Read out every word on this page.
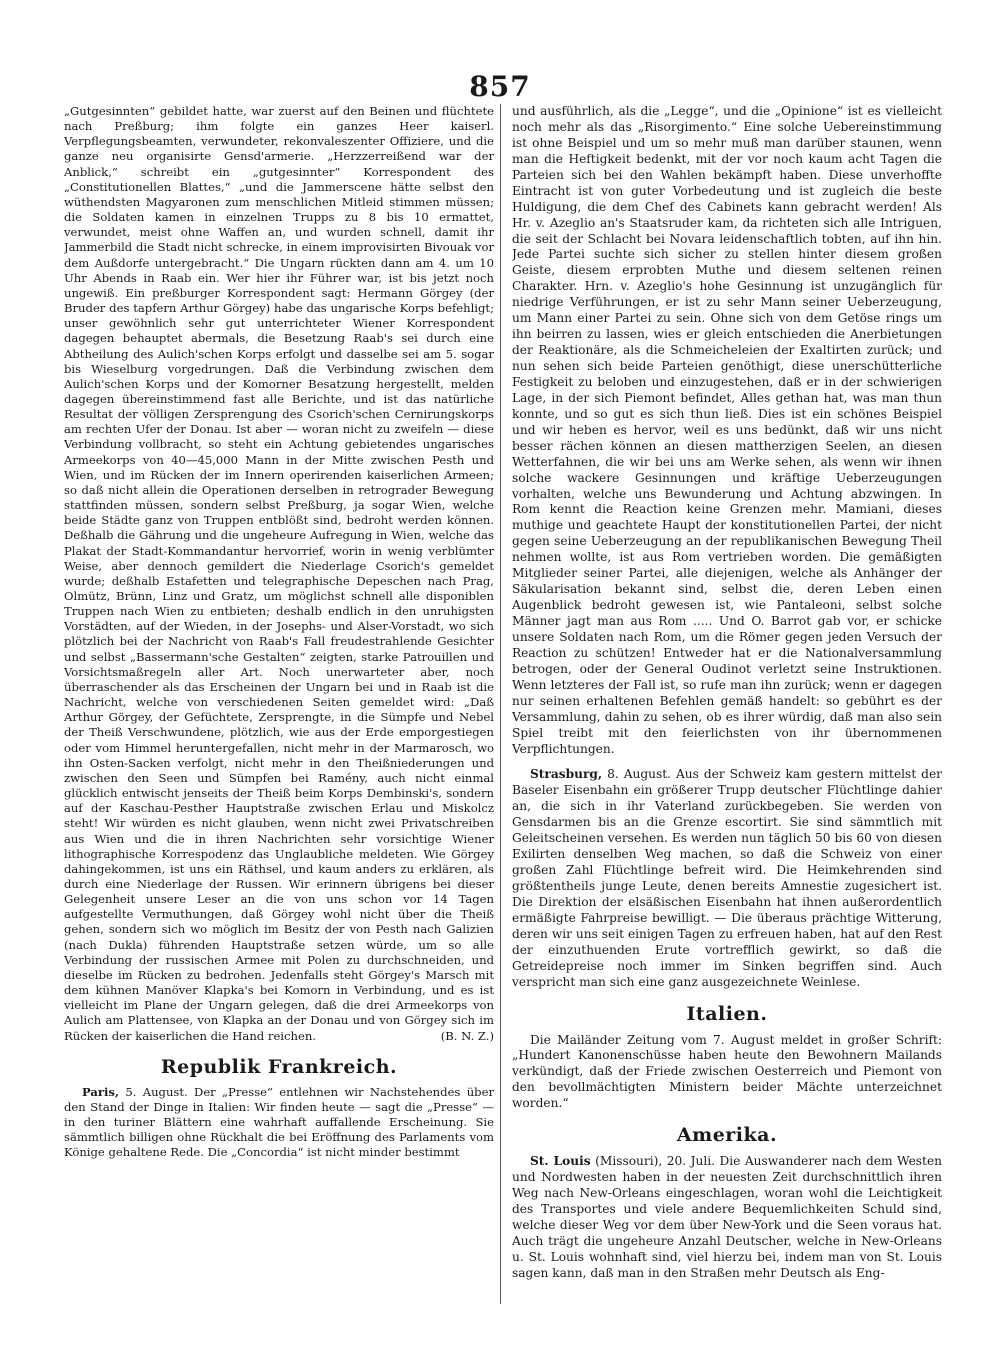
857

„Gutgesinnten“ gebildet hatte, war zuerst auf den Beinen und flüchtete nach Preßburg; ihm folgte ein ganzes Heer kaiserl. Verpflegungsbeamten, verwundeter, rekonvaleszenter Offiziere, und die ganze neu organisirte Gensd'armerie. „Herzzerreißend war der Anblick,“ schreibt ein „gutgesinnter“ Korrespondent des „Constitutionellen Blattes,“ „und die Jammerscene hätte selbst den wüthendsten Magyaronen zum menschlichen Mitleid stimmen müssen; die Soldaten kamen in einzelnen Trupps zu 8 bis 10 ermattet, verwundet, meist ohne Waffen an, und wurden schnell, damit ihr Jammerbild die Stadt nicht schrecke, in einem improvisirten Bivouak vor dem Außdorfe untergebracht.“ Die Ungarn rückten dann am 4. um 10 Uhr Abends in Raab ein. Wer hier ihr Führer war, ist bis jetzt noch ungewiß. Ein preßburger Korrespondent sagt: Hermann Görgey (der Bruder des tapfern Arthur Görgey) habe das ungarische Korps befehligt; unser gewöhnlich sehr gut unterrichteter Wiener Korrespondent dagegen behauptet abermals, die Besetzung Raab's sei durch eine Abtheilung des Aulich'schen Korps erfolgt und dasselbe sei am 5. sogar bis Wieselburg vorgedrungen. Daß die Verbindung zwischen dem Aulich'schen Korps und der Komorner Besatzung hergestellt, melden dagegen übereinstimmend fast alle Berichte, und ist das natürliche Resultat der völligen Zersprengung des Csorich'schen Cernirungskorps am rechten Ufer der Donau. Ist aber — woran nicht zu zweifeln — diese Verbindung vollbracht, so steht ein Achtung gebietendes ungarisches Armeekorps von 40—45,000 Mann in der Mitte zwischen Pesth und Wien, und im Rücken der im Innern operirenden kaiserlichen Armeen; so daß nicht allein die Operationen derselben in retrograder Bewegung stattfinden müssen, sondern selbst Preßburg, ja sogar Wien, welche beide Städte ganz von Truppen entblößt sind, bedroht werden können. Deßhalb die Gährung und die ungeheure Aufregung in Wien, welche das Plakat der Stadt-Kommandantur hervorrief, worin in wenig verblümter Weise, aber dennoch gemildert die Niederlage Csorich's gemeldet wurde; deßhalb Estafetten und telegraphische Depeschen nach Prag, Olmütz, Brünn, Linz und Gratz, um möglichst schnell alle disponiblen Truppen nach Wien zu entbieten; deshalb endlich in den unruhigsten Vorstädten, auf der Wieden, in der Josephs- und Alser-Vorstadt, wo sich plötzlich bei der Nachricht von Raab's Fall freudestrahlende Gesichter und selbst „Bassermann'sche Gestalten“ zeigten, starke Patrouillen und Vorsichtsmaßregeln aller Art. Noch unerwarteter aber, noch überraschender als das Erscheinen der Ungarn bei und in Raab ist die Nachricht, welche von verschiedenen Seiten gemeldet wird: „Daß Arthur Görgey, der Gefüchtete, Zersprengte, in die Sümpfe und Nebel der Theiß Verschwundene, plötzlich, wie aus der Erde emporgestiegen oder vom Himmel heruntergefallen, nicht mehr in der Marmarosch, wo ihn Osten-Sacken verfolgt, nicht mehr in den Theißniederungen und zwischen den Seen und Sümpfen bei Ramény, auch nicht einmal glücklich entwischt jenseits der Theiß beim Korps Dembinski's, sondern auf der Kaschau-Pesther Hauptstraße zwischen Erlau und Miskolcz steht! Wir würden es nicht glauben, wenn nicht zwei Privatschreiben aus Wien und die in ihren Nachrichten sehr vorsichtige Wiener lithographische Korrespodenz das Unglaubliche meldeten. Wie Görgey dahingekommen, ist uns ein Räthsel, und kaum anders zu erklären, als durch eine Niederlage der Russen. Wir erinnern übrigens bei dieser Gelegenheit unsere Leser an die von uns schon vor 14 Tagen aufgestellte Vermuthungen, daß Görgey wohl nicht über die Theiß gehen, sondern sich wo möglich im Besitz der von Pesth nach Galizien (nach Dukla) führenden Hauptstraße setzen würde, um so alle Verbindung der russischen Armee mit Polen zu durchschneiden, und dieselbe im Rücken zu bedrohen. Jedenfalls steht Görgey's Marsch mit dem kühnen Manöver Klapka's bei Komorn in Verbindung, und es ist vielleicht im Plane der Ungarn gelegen, daß die drei Armeekorps von Aulich am Plattensee, von Klapka an der Donau und von Görgey sich im Rücken der kaiserlichen die Hand reichen.	(B. N. Z.)

Republik Frankreich.

Paris, 5. August. Der „Presse“ entlehnen wir Nachstehendes über den Stand der Dinge in Italien: Wir finden heute — sagt die „Presse“ — in den turiner Blättern eine wahrhaft auffallende Erscheinung. Sie sämmtlich billigen ohne Rückhalt die bei Eröffnung des Parlaments vom Könige gehaltene Rede. Die „Concordia“ ist nicht minder bestimmt

und ausführlich, als die „Legge“, und die „Opinione“ ist es vielleicht noch mehr als das „Risorgimento.“ Eine solche Uebereinstimmung ist ohne Beispiel und um so mehr muß man darüber staunen, wenn man die Heftigkeit bedenkt, mit der vor noch kaum acht Tagen die Parteien sich bei den Wahlen bekämpft haben. Diese unverhoffte Eintracht ist von guter Vorbedeutung und ist zugleich die beste Huldigung, die dem Chef des Cabinets kann gebracht werden! Als Hr. v. Azeglio an's Staatsruder kam, da richteten sich alle Intriguen, die seit der Schlacht bei Novara leidenschaftlich tobten, auf ihn hin. Jede Partei suchte sich sicher zu stellen hinter diesem großen Geiste, diesem erprobten Muthe und diesem seltenen reinen Charakter. Hrn. v. Azeglio's hohe Gesinnung ist unzugänglich für niedrige Verführungen, er ist zu sehr Mann seiner Ueberzeugung, um Mann einer Partei zu sein. Ohne sich von dem Getöse rings um ihn beirren zu lassen, wies er gleich entschieden die Anerbietungen der Reaktionäre, als die Schmeicheleien der Exaltirten zurück; und nun sehen sich beide Parteien genöthigt, diese unerschütterliche Festigkeit zu beloben und einzugestehen, daß er in der schwierigen Lage, in der sich Piemont befindet, Alles gethan hat, was man thun konnte, und so gut es sich thun ließ. Dies ist ein schönes Beispiel und wir heben es hervor, weil es uns bedünkt, daß wir uns nicht besser rächen können an diesen mattherzigen Seelen, an diesen Wetterfahnen, die wir bei uns am Werke sehen, als wenn wir ihnen solche wackere Gesinnungen und kräftige Ueberzeugungen vorhalten, welche uns Bewunderung und Achtung abzwingen. In Rom kennt die Reaction keine Grenzen mehr. Mamiani, dieses muthige und geachtete Haupt der konstitutionellen Partei, der nicht gegen seine Ueberzeugung an der republikanischen Bewegung Theil nehmen wollte, ist aus Rom vertrieben worden. Die gemäßigten Mitglieder seiner Partei, alle diejenigen, welche als Anhänger der Säkularisation bekannt sind, selbst die, deren Leben einen Augenblick bedroht gewesen ist, wie Pantaleoni, selbst solche Männer jagt man aus Rom ..... Und O. Barrot gab vor, er schicke unsere Soldaten nach Rom, um die Römer gegen jeden Versuch der Reaction zu schützen! Entweder hat er die Nationalversammlung betrogen, oder der General Oudinot verletzt seine Instruktionen. Wenn letzteres der Fall ist, so rufe man ihn zurück; wenn er dagegen nur seinen erhaltenen Befehlen gemäß handelt: so gebührt es der Versammlung, dahin zu sehen, ob es ihrer würdig, daß man also sein Spiel treibt mit den feierlichsten von ihr übernommenen Verpflichtungen.

Strasburg, 8. August. Aus der Schweiz kam gestern mittelst der Baseler Eisenbahn ein größerer Trupp deutscher Flüchtlinge dahier an, die sich in ihr Vaterland zurückbegeben. Sie werden von Gensdarmen bis an die Grenze escortirt. Sie sind sämmtlich mit Geleitscheinen versehen. Es werden nun täglich 50 bis 60 von diesen Exilirten denselben Weg machen, so daß die Schweiz von einer großen Zahl Flüchtlinge befreit wird. Die Heimkehrenden sind größtentheils junge Leute, denen bereits Amnestie zugesichert ist. Die Direktion der elsäßischen Eisenbahn hat ihnen außerordentlich ermäßigte Fahrpreise bewilligt. — Die überaus prächtige Witterung, deren wir uns seit einigen Tagen zu erfreuen haben, hat auf den Rest der einzuthuenden Erute vortrefflich gewirkt, so daß die Getreidepreise noch immer im Sinken begriffen sind. Auch verspricht man sich eine ganz ausgezeichnete Weinlese.

Italien.

Die Mailänder Zeitung vom 7. August meldet in großer Schrift: „Hundert Kanonenschüsse haben heute den Bewohnern Mailands verkündigt, daß der Friede zwischen Oesterreich und Piemont von den bevollmächtigten Ministern beider Mächte unterzeichnet worden.“

Amerika.

St. Louis (Missouri), 20. Juli. Die Auswanderer nach dem Westen und Nordwesten haben in der neuesten Zeit durchschnittlich ihren Weg nach New-Orleans eingeschlagen, woran wohl die Leichtigkeit des Transportes und viele andere Bequemlichkeiten Schuld sind, welche dieser Weg vor dem über New-York und die Seen voraus hat. Auch trägt die ungeheure Anzahl Deutscher, welche in New-Orleans u. St. Louis wohnhaft sind, viel hierzu bei, indem man von St. Louis sagen kann, daß man in den Straßen mehr Deutsch als Eng-
